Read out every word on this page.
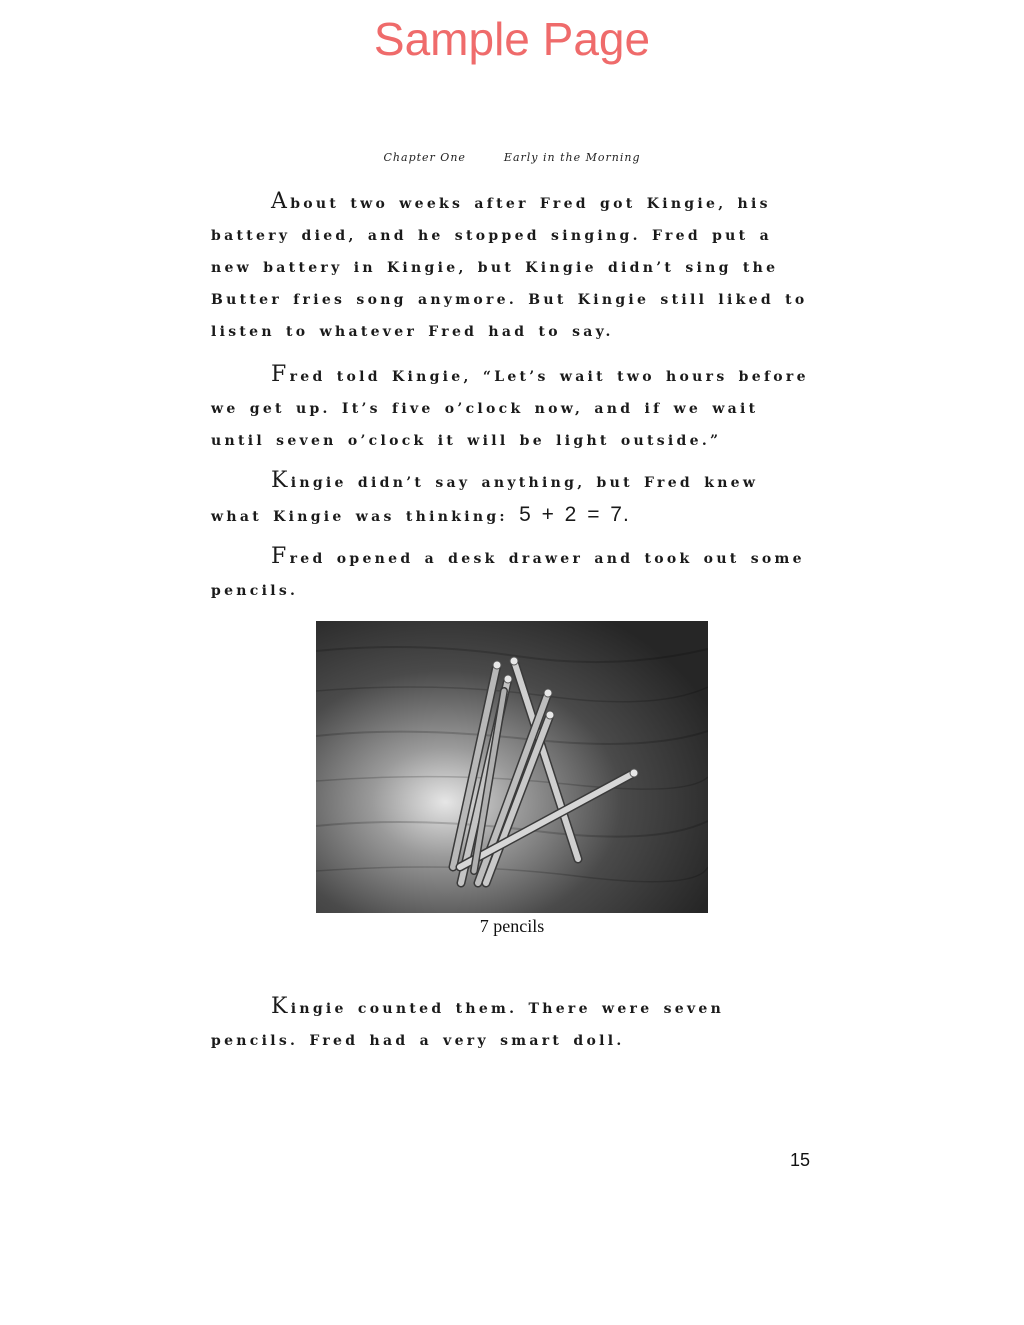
Sample Page
Chapter One	Early in the Morning

About two weeks after Fred got Kingie, his battery died, and he stopped singing. Fred put a new battery in Kingie, but Kingie didn’t sing the Butter fries song anymore. But Kingie still liked to listen to whatever Fred had to say.

Fred told Kingie, “Let’s wait two hours before we get up. It’s five o’clock now, and if we wait until seven o’clock it will be light outside.”

Kingie didn’t say anything, but Fred knew what Kingie was thinking: 5 + 2 = 7.

Fred opened a desk drawer and took out some pencils.

7 pencils

Kingie counted them. There were seven pencils. Fred had a very smart doll.

15
